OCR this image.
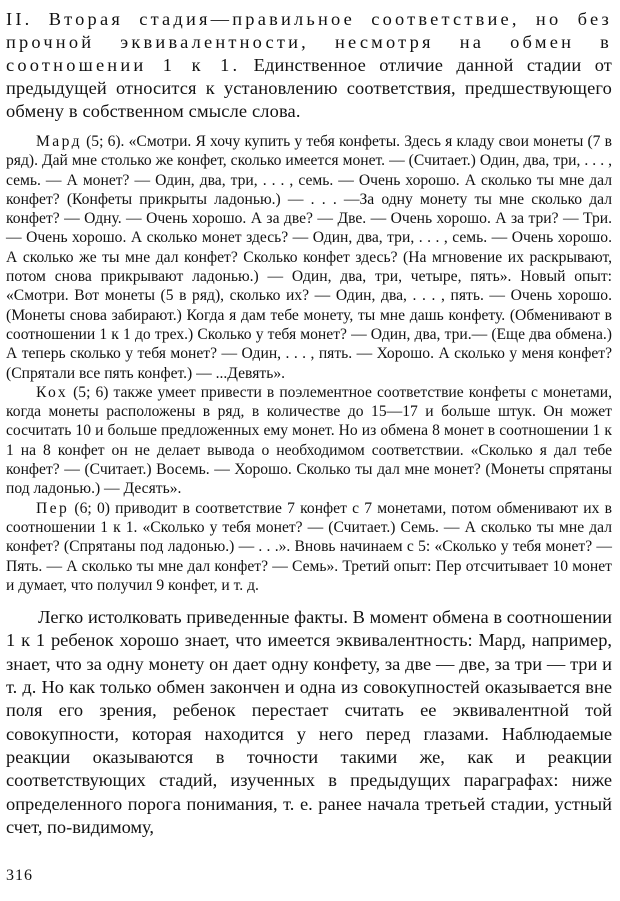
II. Вторая стадия—правильное соответствие, но без прочной эквивалентности, несмотря на обмен в соотношении 1 к 1. Единственное отличие данной стадии от предыдущей относится к установлению соответствия, предшествующего обмену в собственном смысле слова.

Мард (5; 6). «Смотри. Я хочу купить у тебя конфеты. Здесь я кладу свои монеты (7 в ряд). Дай мне столько же конфет, сколько имеется монет. — (Считает.) Один, два, три, . . . , семь. — А монет? — Один, два, три, . . . , семь. — Очень хорошо. А сколько ты мне дал конфет? (Конфеты прикрыты ладонью.) — . . . —За одну монету ты мне сколько дал конфет? — Одну. — Очень хорошо. А за две? — Две. — Очень хорошо. А за три? — Три. — Очень хорошо. А сколько монет здесь? — Один, два, три, . . . , семь. — Очень хорошо. А сколько же ты мне дал конфет? Сколько конфет здесь? (На мгновение их раскрывают, потом снова прикрывают ладонью.) — Один, два, три, четыре, пять». Новый опыт: «Смотри. Вот монеты (5 в ряд), сколько их? — Один, два, . . . , пять. — Очень хорошо. (Монеты снова забирают.) Когда я дам тебе монету, ты мне дашь конфету. (Обменивают в соотношении 1 к 1 до трех.) Сколько у тебя монет? — Один, два, три.— (Еще два обмена.) А теперь сколько у тебя монет? — Один, . . . , пять. — Хорошо. А сколько у меня конфет? (Спрятали все пять конфет.) — ...Девять».

Кох (5; 6) также умеет привести в поэлементное соответствие конфеты с монетами, когда монеты расположены в ряд, в количестве до 15—17 и больше штук. Он может сосчитать 10 и больше предложенных ему монет. Но из обмена 8 монет в соотношении 1 к 1 на 8 конфет он не делает вывода о необходимом соответствии. «Сколько я дал тебе конфет? — (Считает.) Восемь. — Хорошо. Сколько ты дал мне монет? (Монеты спрятаны под ладонью.) — Десять».

Пер (6; 0) приводит в соответствие 7 конфет с 7 монетами, потом обменивают их в соотношении 1 к 1. «Сколько у тебя монет? — (Считает.) Семь. — А сколько ты мне дал конфет? (Спрятаны под ладонью.) — . . .». Вновь начинаем с 5: «Сколько у тебя монет? — Пять. — А сколько ты мне дал конфет? — Семь». Третий опыт: Пер отсчитывает 10 монет и думает, что получил 9 конфет, и т. д.

Легко истолковать приведенные факты. В момент обмена в соотношении 1 к 1 ребенок хорошо знает, что имеется эквивалентность: Мард, например, знает, что за одну монету он дает одну конфету, за две — две, за три — три и т. д. Но как только обмен закончен и одна из совокупностей оказывается вне поля его зрения, ребенок перестает считать ее эквивалентной той совокупности, которая находится у него перед глазами. Наблюдаемые реакции оказываются в точности такими же, как и реакции соответствующих стадий, изученных в предыдущих параграфах: ниже определенного порога понимания, т. е. ранее начала третьей стадии, устный счет, по-видимому,

316
